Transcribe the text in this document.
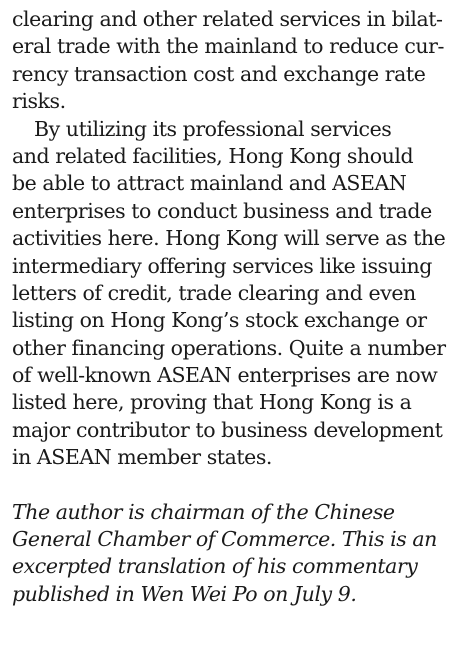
clearing and other related services in bilat-
eral trade with the mainland to reduce cur-
rency transaction cost and exchange rate
risks.
By utilizing its professional services
and related facilities, Hong Kong should
be able to attract mainland and ASEAN
enterprises to conduct business and trade
activities here. Hong Kong will serve as the
intermediary offering services like issuing
letters of credit, trade clearing and even
listing on Hong Kong’s stock exchange or
other financing operations. Quite a number
of well-known ASEAN enterprises are now
listed here, proving that Hong Kong is a
major contributor to business development
in ASEAN member states.
The author is chairman of the Chinese
General Chamber of Commerce. This is an
excerpted translation of his commentary
published in Wen Wei Po on July 9.
